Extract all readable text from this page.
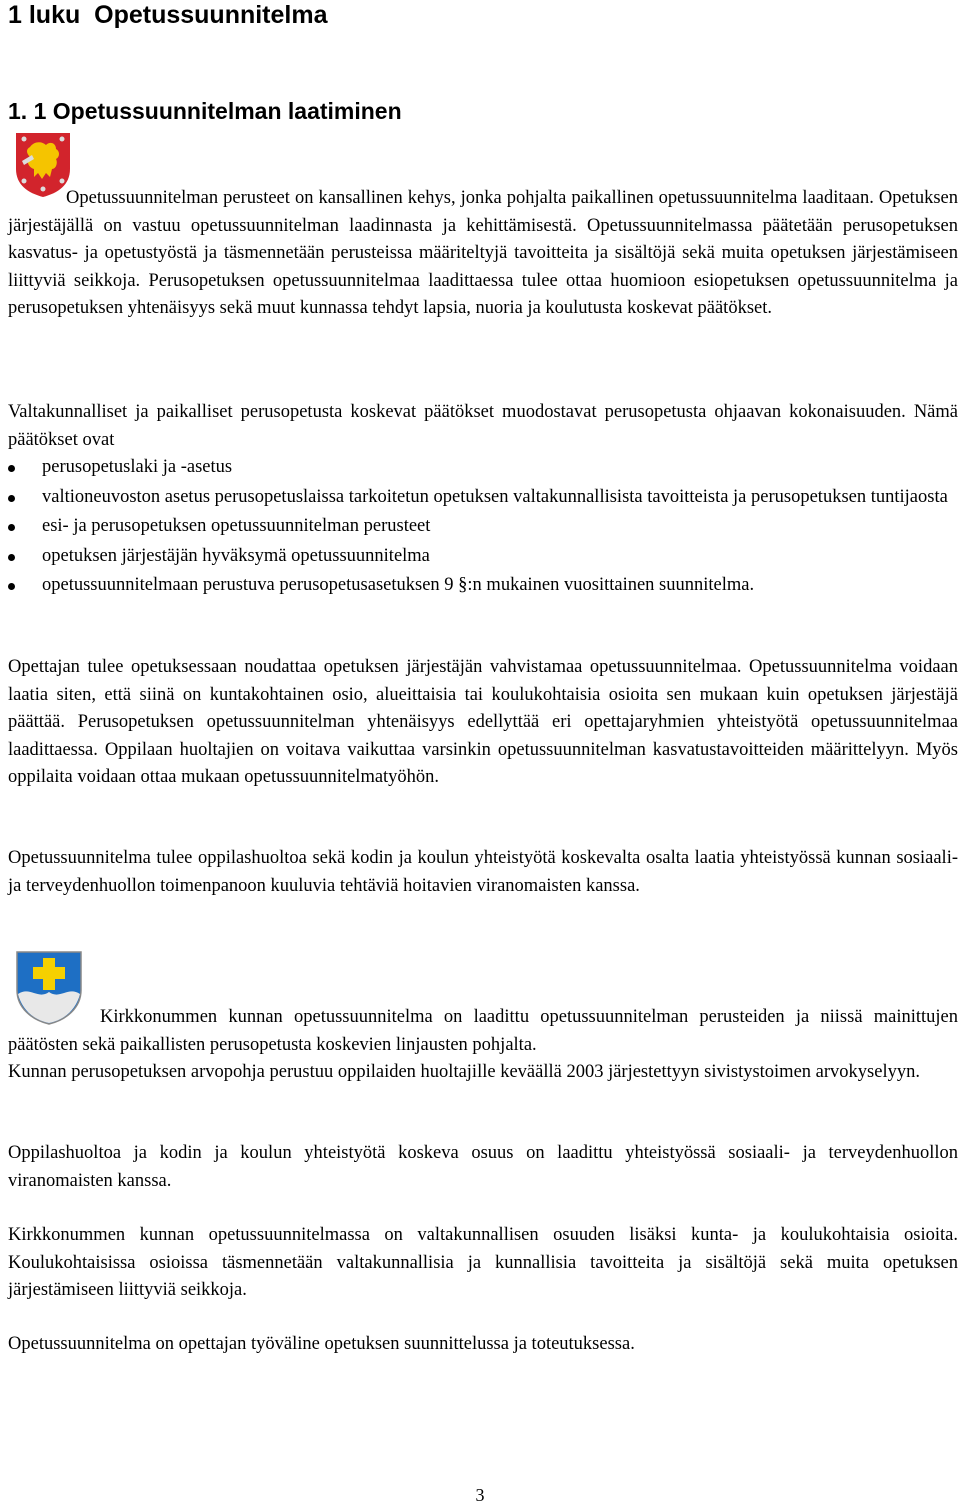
1 luku  Opetussuunnitelma
1. 1 Opetussuunnitelman laatiminen

Opetussuunnitelman perusteet on kansallinen kehys, jonka pohjalta paikallinen opetussuunnitelma laaditaan. Opetuksen järjestäjällä on vastuu opetussuunnitelman laadinnasta ja kehittämisestä. Opetussuunnitelmassa päätetään perusopetuksen kasvatus- ja opetustyöstä ja täsmennetään perusteissa määriteltyjä tavoitteita ja sisältöjä sekä muita opetuksen järjestämiseen liittyviä seikkoja. Perusopetuksen opetussuunnitelmaa laadittaessa tulee ottaa huomioon esiopetuksen opetussuunnitelma ja perusopetuksen yhtenäisyys sekä muut kunnassa tehdyt lapsia, nuoria ja koulutusta koskevat päätökset.

Valtakunnalliset ja paikalliset perusopetusta koskevat päätökset muodostavat perusopetusta ohjaavan kokonaisuuden. Nämä päätökset ovat

perusopetuslaki ja -asetus
valtioneuvoston asetus perusopetuslaissa tarkoitetun opetuksen valtakunnallisista tavoitteista ja perusopetuksen tuntijaosta
esi- ja perusopetuksen opetussuunnitelman perusteet
opetuksen järjestäjän hyväksymä opetussuunnitelma
opetussuunnitelmaan perustuva perusopetusasetuksen 9 §:n mukainen vuosittainen suunnitelma.

Opettajan tulee opetuksessaan noudattaa opetuksen järjestäjän vahvistamaa opetussuunnitelmaa. Opetussuunnitelma voidaan laatia siten, että siinä on kuntakohtainen osio, alueittaisia tai koulukohtaisia osioita sen mukaan kuin opetuksen järjestäjä päättää. Perusopetuksen opetussuunnitelman yhtenäisyys edellyttää eri opettajaryhmien yhteistyötä opetussuunnitelmaa laadittaessa. Oppilaan huoltajien on voitava vaikuttaa varsinkin opetussuunnitelman kasvatustavoitteiden määrittelyyn. Myös oppilaita voidaan ottaa mukaan opetussuunnitelmatyöhön.

Opetussuunnitelma tulee oppilashuoltoa sekä kodin ja koulun yhteistyötä koskevalta osalta laatia yhteistyössä kunnan sosiaali- ja terveydenhuollon toimenpanoon kuuluvia tehtäviä hoitavien viranomaisten kanssa.

Kirkkonummen kunnan opetussuunnitelma on laadittu opetussuunnitelman perusteiden ja niissä mainittujen päätösten sekä paikallisten perusopetusta koskevien linjausten pohjalta.

Kunnan perusopetuksen arvopohja perustuu oppilaiden huoltajille keväällä 2003 järjestettyyn sivistystoimen arvokyselyyn.

Oppilashuoltoa ja kodin ja koulun yhteistyötä koskeva osuus on laadittu yhteistyössä sosiaali- ja terveydenhuollon viranomaisten kanssa.

Kirkkonummen kunnan opetussuunnitelmassa on valtakunnallisen osuuden lisäksi kunta- ja koulukohtaisia osioita. Koulukohtaisissa osioissa täsmennetään valtakunnallisia ja kunnallisia tavoitteita ja sisältöjä sekä muita opetuksen järjestämiseen liittyviä seikkoja.

Opetussuunnitelma on opettajan työväline opetuksen suunnittelussa ja toteutuksessa.

3
